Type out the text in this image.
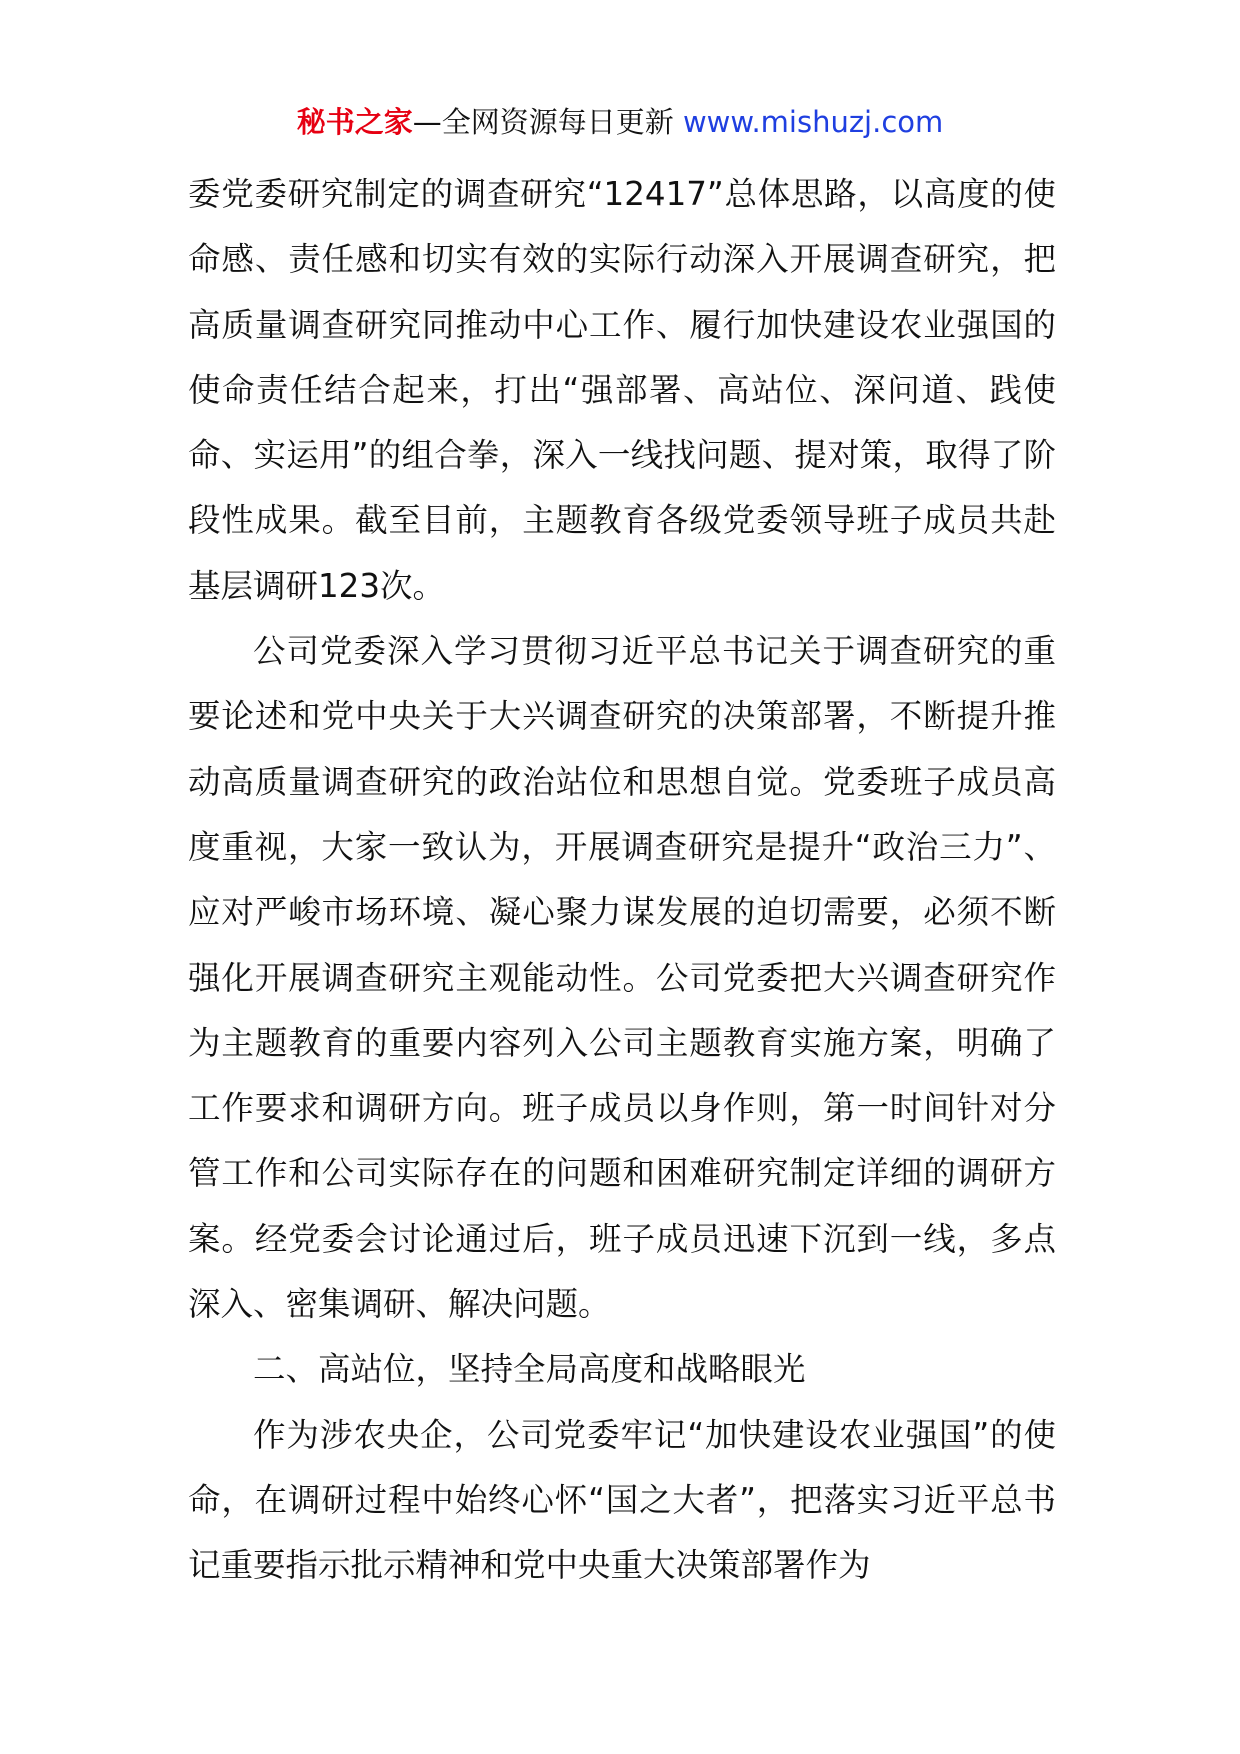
秘书之家—全网资源每日更新 www.mishuzj.com

委党委研究制定的调查研究“12417”总体思路，以高度的使命感、责任感和切实有效的实际行动深入开展调查研究，把高质量调查研究同推动中心工作、履行加快建设农业强国的使命责任结合起来，打出“强部署、高站位、深问道、践使命、实运用”的组合拳，深入一线找问题、提对策，取得了阶段性成果。截至目前，主题教育各级党委领导班子成员共赴基层调研123次。

公司党委深入学习贯彻习近平总书记关于调查研究的重要论述和党中央关于大兴调查研究的决策部署，不断提升推动高质量调查研究的政治站位和思想自觉。党委班子成员高度重视，大家一致认为，开展调查研究是提升“政治三力”、应对严峻市场环境、凝心聚力谋发展的迫切需要，必须不断强化开展调查研究主观能动性。公司党委把大兴调查研究作为主题教育的重要内容列入公司主题教育实施方案，明确了工作要求和调研方向。班子成员以身作则，第一时间针对分管工作和公司实际存在的问题和困难研究制定详细的调研方案。经党委会讨论通过后，班子成员迅速下沉到一线，多点深入、密集调研、解决问题。

二、高站位，坚持全局高度和战略眼光

作为涉农央企，公司党委牢记“加快建设农业强国”的使命，在调研过程中始终心怀“国之大者”，把落实习近平总书记重要指示批示精神和党中央重大决策部署作为
